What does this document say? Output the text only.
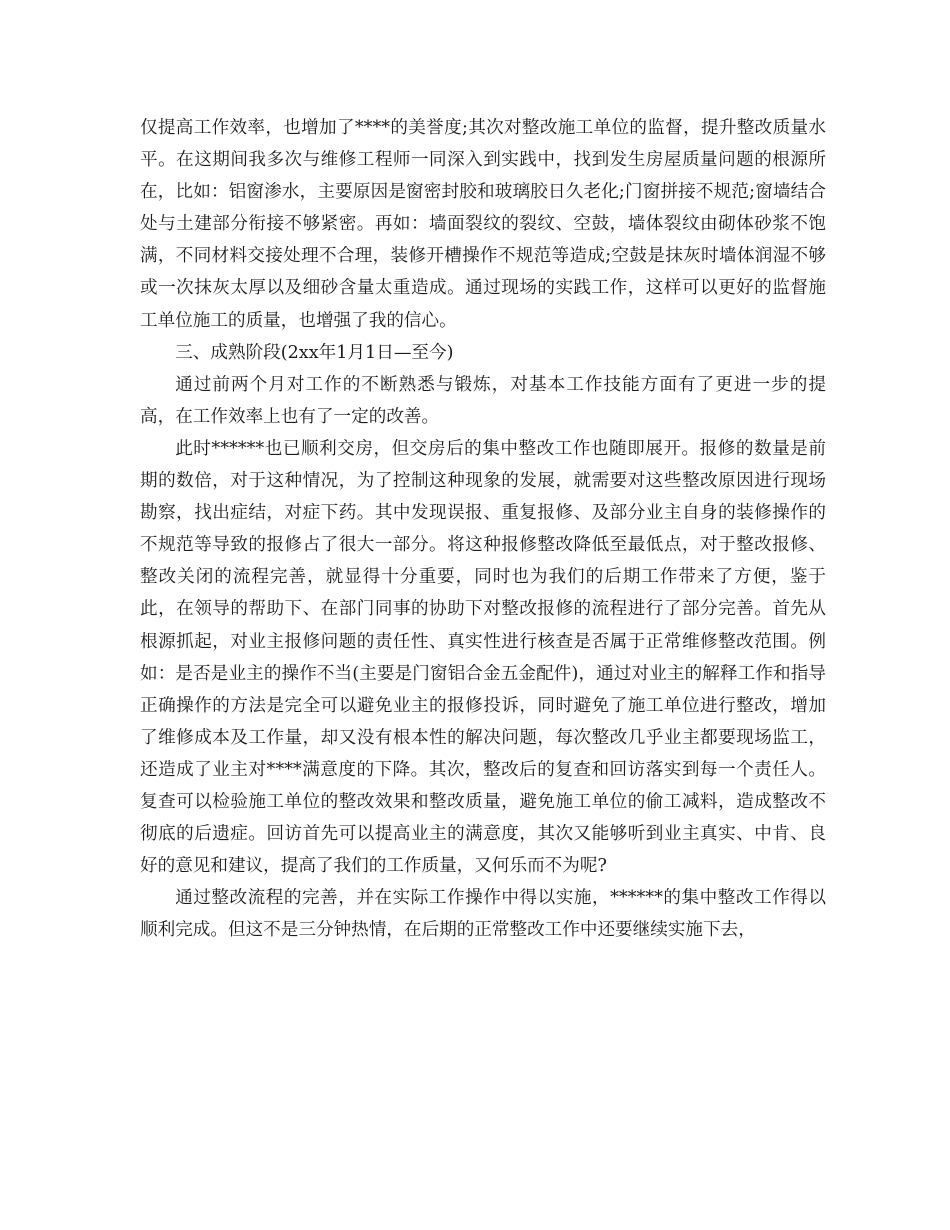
仅提高工作效率，也增加了****的美誉度;其次对整改施工单位的监督，提升整改质量水平。在这期间我多次与维修工程师一同深入到实践中，找到发生房屋质量问题的根源所在，比如：铝窗渗水，主要原因是窗密封胶和玻璃胶日久老化;门窗拼接不规范;窗墙结合处与土建部分衔接不够紧密。再如：墙面裂纹的裂纹、空鼓，墙体裂纹由砌体砂浆不饱满，不同材料交接处理不合理，装修开槽操作不规范等造成;空鼓是抹灰时墙体润湿不够或一次抹灰太厚以及细砂含量太重造成。通过现场的实践工作，这样可以更好的监督施工单位施工的质量，也增强了我的信心。

三、成熟阶段(2xx年1月1日—至今)

通过前两个月对工作的不断熟悉与锻炼，对基本工作技能方面有了更进一步的提高，在工作效率上也有了一定的改善。

此时******也已顺利交房，但交房后的集中整改工作也随即展开。报修的数量是前期的数倍，对于这种情况，为了控制这种现象的发展，就需要对这些整改原因进行现场勘察，找出症结，对症下药。其中发现误报、重复报修、及部分业主自身的装修操作的不规范等导致的报修占了很大一部分。将这种报修整改降低至最低点，对于整改报修、整改关闭的流程完善，就显得十分重要，同时也为我们的后期工作带来了方便，鉴于此，在领导的帮助下、在部门同事的协助下对整改报修的流程进行了部分完善。首先从根源抓起，对业主报修问题的责任性、真实性进行核查是否属于正常维修整改范围。例如：是否是业主的操作不当(主要是门窗铝合金五金配件)，通过对业主的解释工作和指导正确操作的方法是完全可以避免业主的报修投诉，同时避免了施工单位进行整改，增加了维修成本及工作量，却又没有根本性的解决问题，每次整改几乎业主都要现场监工，还造成了业主对****满意度的下降。其次，整改后的复查和回访落实到每一个责任人。复查可以检验施工单位的整改效果和整改质量，避免施工单位的偷工减料，造成整改不彻底的后遗症。回访首先可以提高业主的满意度，其次又能够听到业主真实、中肯、良好的意见和建议，提高了我们的工作质量，又何乐而不为呢?

通过整改流程的完善，并在实际工作操作中得以实施，******的集中整改工作得以顺利完成。但这不是三分钟热情，在后期的正常整改工作中还要继续实施下去，
